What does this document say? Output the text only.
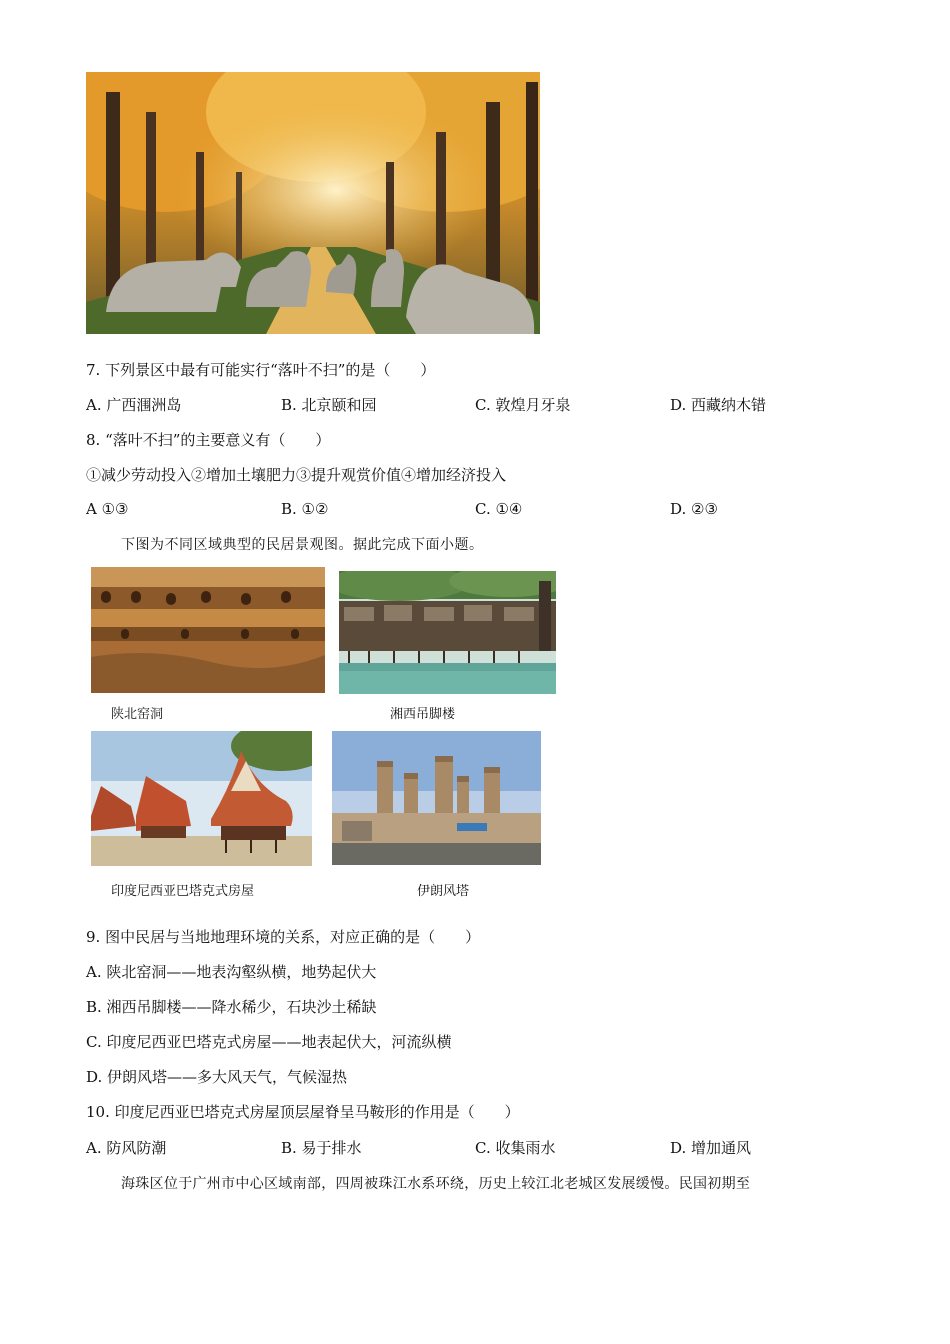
7. 下列景区中最有可能实行“落叶不扫”的是（　　）
A. 广西涠洲岛	B. 北京颐和园	C. 敦煌月牙泉	D. 西藏纳木错
8. “落叶不扫”的主要意义有（　　）
①减少劳动投入②增加土壤肥力③提升观赏价值④增加经济投入
A ①③	B. ①②	C. ①④	D. ②③
下图为不同区域典型的民居景观图。据此完成下面小题。
陕北窑洞	湘西吊脚楼
印度尼西亚巴塔克式房屋	伊朗风塔
9. 图中民居与当地地理环境的关系，对应正确的是（　　）
A. 陕北窑洞——地表沟壑纵横，地势起伏大
B. 湘西吊脚楼——降水稀少，石块沙土稀缺
C. 印度尼西亚巴塔克式房屋——地表起伏大，河流纵横
D. 伊朗风塔——多大风天气，气候湿热
10. 印度尼西亚巴塔克式房屋顶层屋脊呈马鞍形的作用是（　　）
A. 防风防潮	B. 易于排水	C. 收集雨水	D. 增加通风
海珠区位于广州市中心区域南部，四周被珠江水系环绕，历史上较江北老城区发展缓慢。民国初期至
